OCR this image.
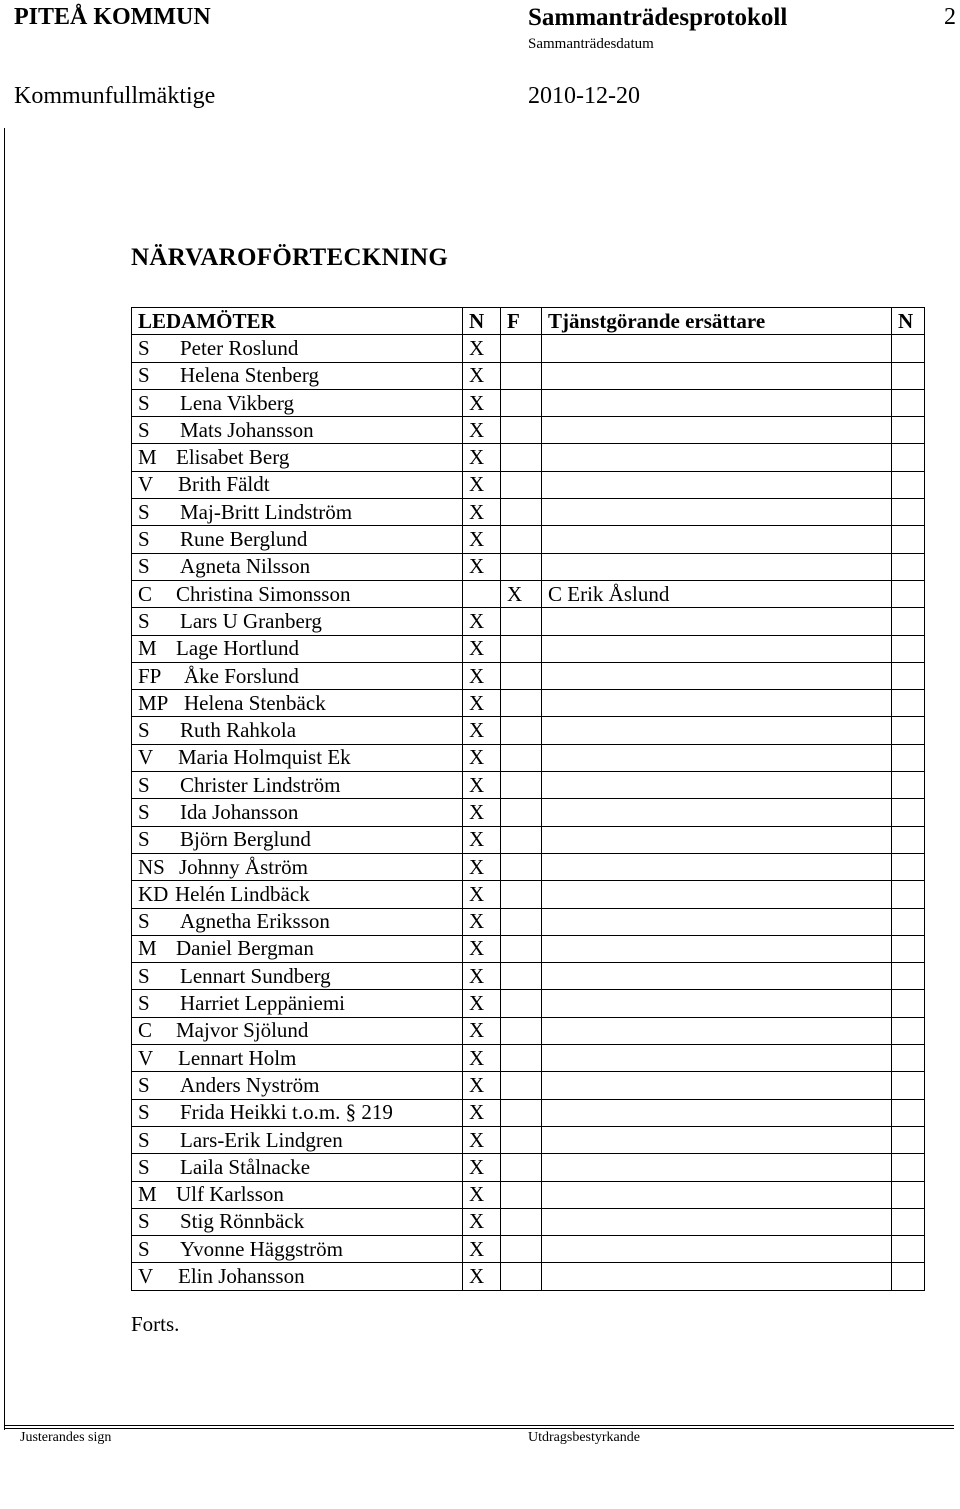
PITEÅ KOMMUN	Sammanträdesprotokoll	2
Sammanträdesdatum
Kommunfullmäktige	2010-12-20
NÄRVAROFÖRTECKNING
LEDAMÖTER	N	F	Tjänstgörande ersättare	N
S Peter Roslund	X			
S Helena Stenberg	X			
S Lena Vikberg	X			
S Mats Johansson	X			
M Elisabet Berg	X			
V Brith Fäldt	X			
S Maj-Britt Lindström	X			
S Rune Berglund	X			
S Agneta Nilsson	X			
C Christina Simonsson		X	C Erik Åslund	
S Lars U Granberg	X			
M Lage Hortlund	X			
FP Åke Forslund	X			
MP Helena Stenbäck	X			
S Ruth Rahkola	X			
V Maria Holmquist Ek	X			
S Christer Lindström	X			
S Ida Johansson	X			
S Björn Berglund	X			
NS Johnny Åström	X			
KD Helén Lindbäck	X			
S Agnetha Eriksson	X			
M Daniel Bergman	X			
S Lennart Sundberg	X			
S Harriet Leppäniemi	X			
C Majvor Sjölund	X			
V Lennart Holm	X			
S Anders Nyström	X			
S Frida Heikki t.o.m. § 219	X			
S Lars-Erik Lindgren	X			
S Laila Stålnacke	X			
M Ulf Karlsson	X			
S Stig Rönnbäck	X			
S Yvonne Häggström	X			
V Elin Johansson	X			
Forts.
Justerandes sign	Utdragsbestyrkande
